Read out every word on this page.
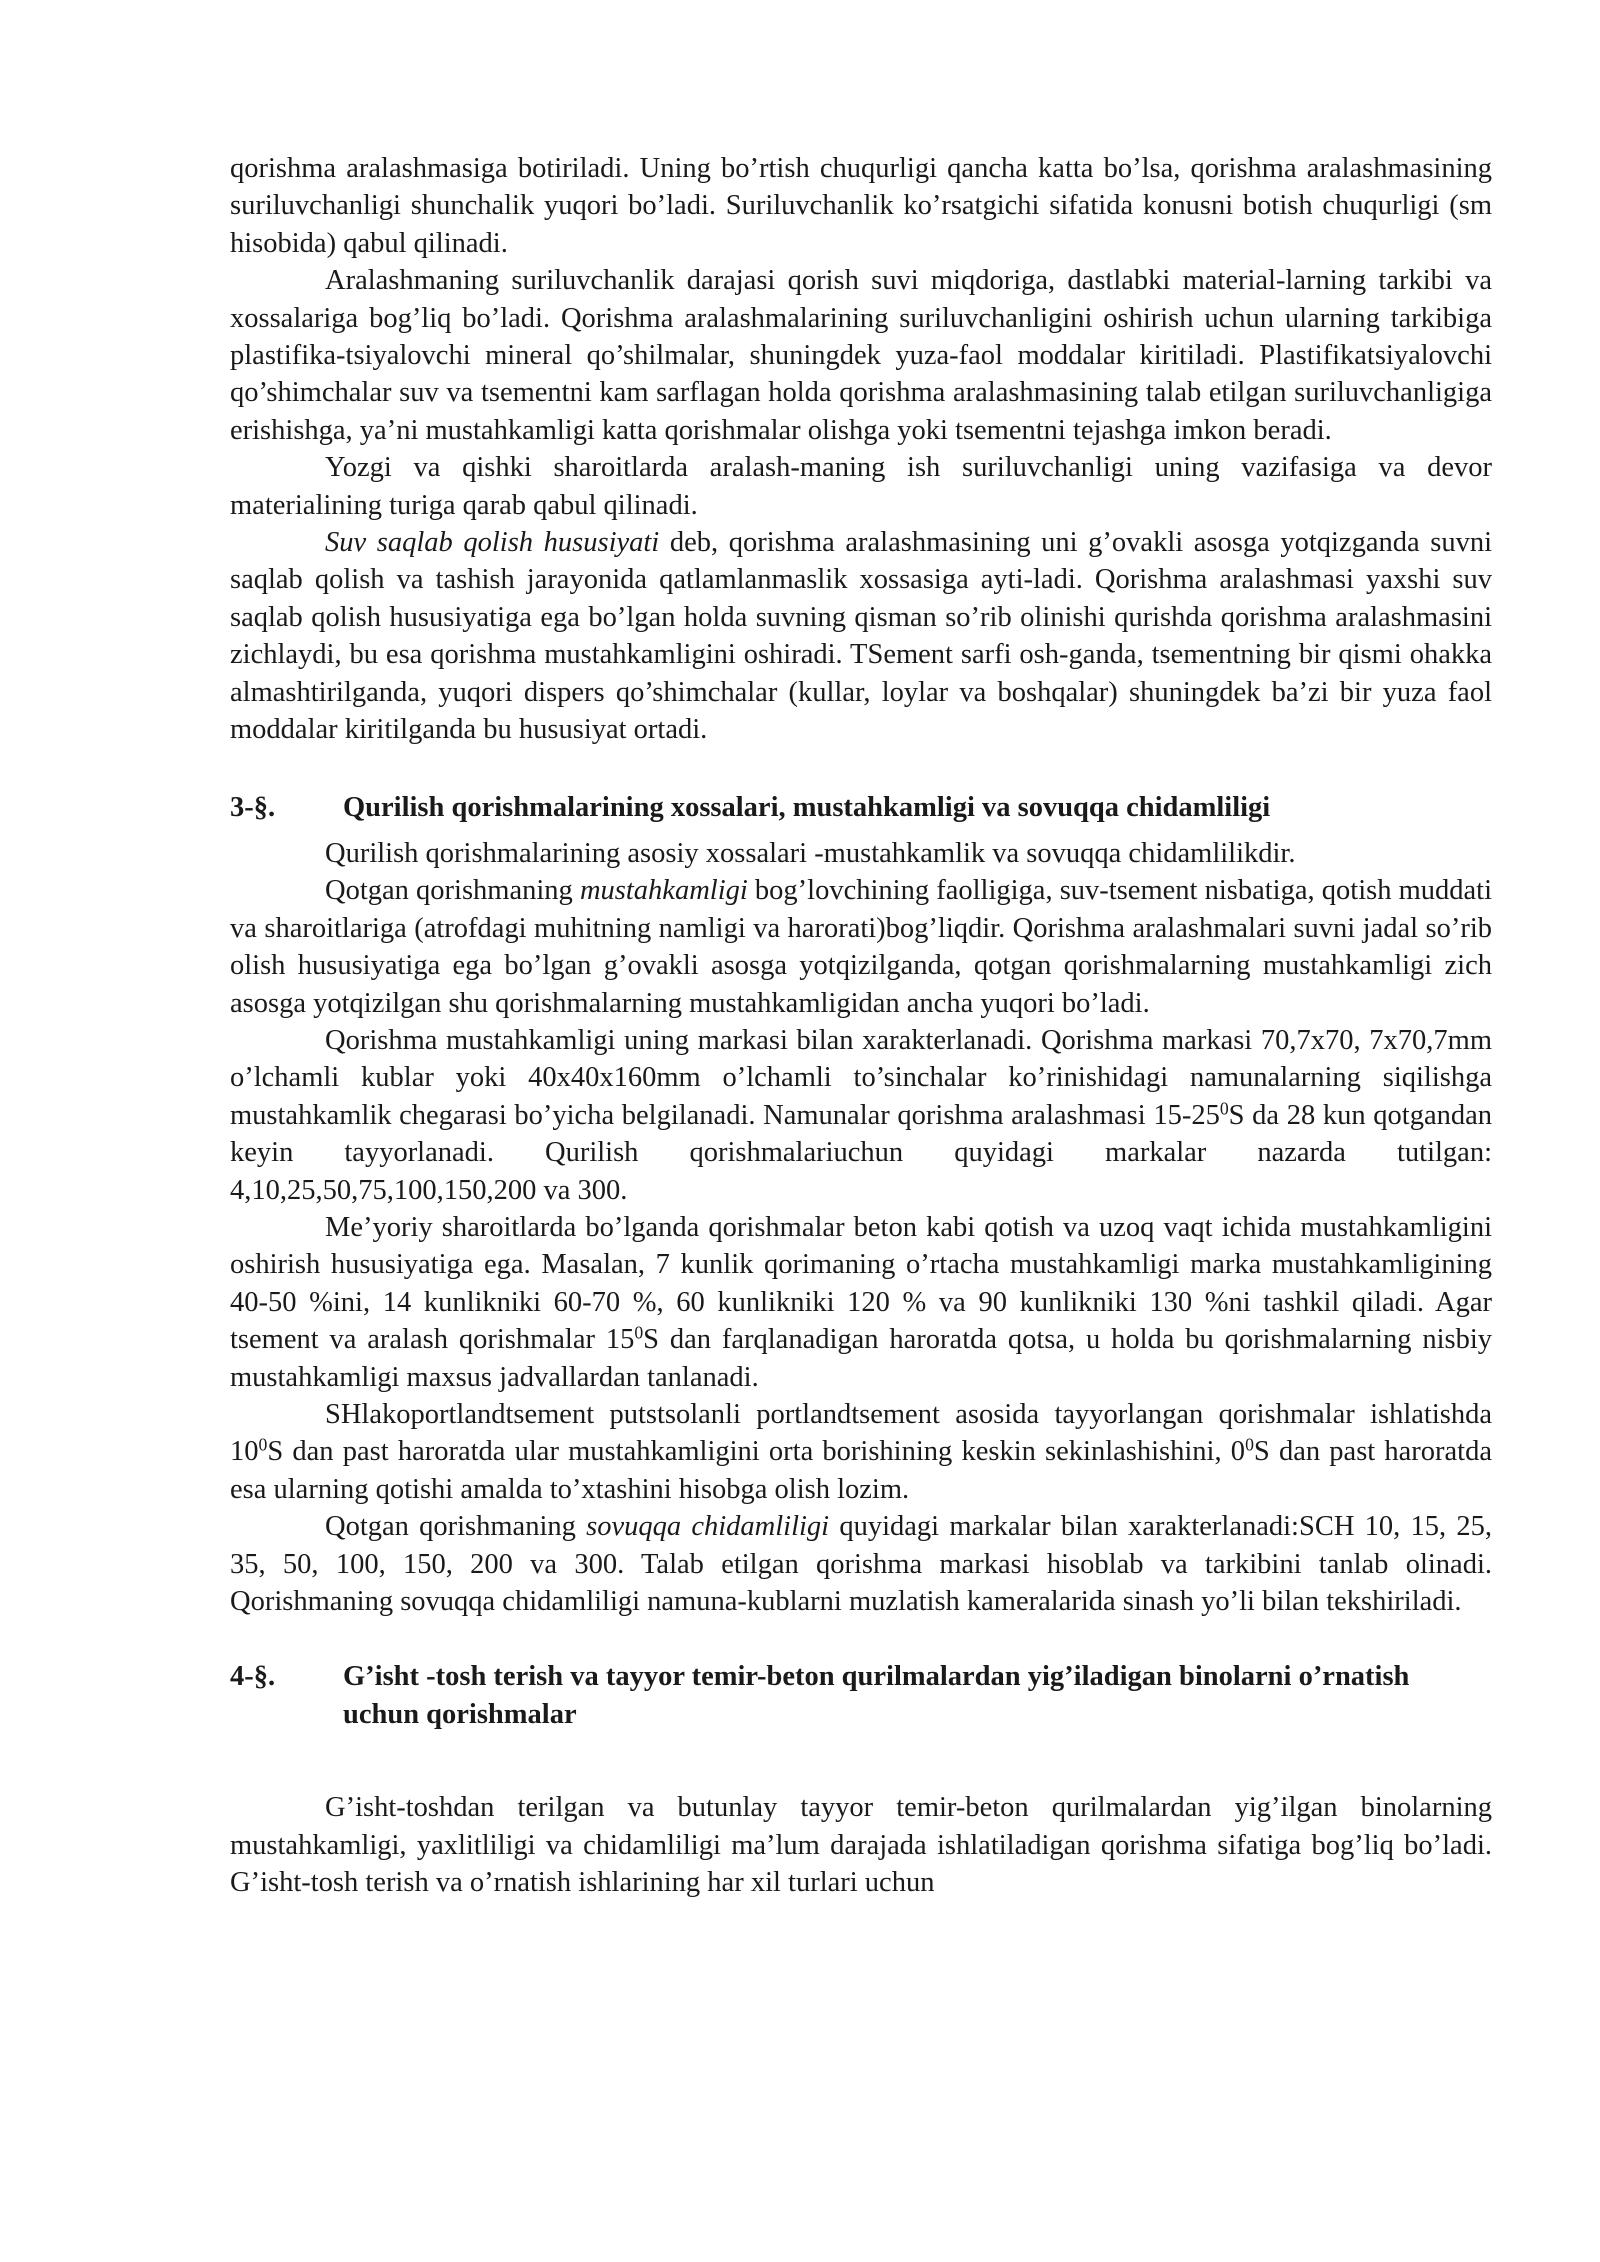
qorishma aralashmasiga botiriladi. Uning bo’rtish chuqurligi qancha katta bo’lsa, qorishma aralashmasining suriluvchanligi shunchalik yuqori bo’ladi. Suriluvchanlik ko’rsatgichi sifatida konusni botish chuqurligi (sm hisobida) qabul qilinadi.

Aralashmaning suriluvchanlik darajasi qorish suvi miqdoriga, dastlabki material-larning tarkibi va xossalariga bog’liq bo’ladi. Qorishma aralashmalarining suriluvchanligini oshirish uchun ularning tarkibiga plastifika-tsiyalovchi mineral qo’shilmalar, shuningdek yuza-faol moddalar kiritiladi. Plastifikatsiyalovchi qo’shimchalar suv va tsementni kam sarflagan holda qorishma aralashmasining talab etilgan suriluvchanligiga erishishga, ya’ni mustahkamligi katta qorishmalar olishga yoki tsementni tejashga imkon beradi.

Yozgi va qishki sharoitlarda aralash-maning ish suriluvchanligi uning vazifasiga va devor materialining turiga qarab qabul qilinadi.

Suv saqlab qolish hususiyati deb, qorishma aralashmasining uni g’ovakli asosga yotqizganda suvni saqlab qolish va tashish jarayonida qatlamlanmaslik xossasiga ayti-ladi. Qorishma aralashmasi yaxshi suv saqlab qolish hususiyatiga ega bo’lgan holda suvning qisman so’rib olinishi qurishda qorishma aralashmasini zichlaydi, bu esa qorishma mustahkamligini oshiradi. TSement sarfi osh-ganda, tsementning bir qismi ohakka almashtirilganda, yuqori dispers qo’shimchalar (kullar, loylar va boshqalar) shuningdek ba’zi bir yuza faol moddalar kiritilganda bu hususiyat ortadi.

3-§.	Qurilish qorishmalarining xossalari, mustahkamligi va sovuqqa chidamliligi

Qurilish qorishmalarining asosiy xossalari -mustahkamlik va sovuqqa chidamlilikdir.

Qotgan qorishmaning mustahkamligi bog’lovchining faolligiga, suv-tsement nisbatiga, qotish muddati va sharoitlariga (atrofdagi muhitning namligi va harorati)bog’liqdir. Qorishma aralashmalari suvni jadal so’rib olish hususiyatiga ega bo’lgan g’ovakli asosga yotqizilganda, qotgan qorishmalarning mustahkamligi zich asosga yotqizilgan shu qorishmalarning mustahkamligidan ancha yuqori bo’ladi.

Qorishma mustahkamligi uning markasi bilan xarakterlanadi. Qorishma markasi 70,7x70, 7x70,7mm o’lchamli kublar yoki 40x40x160mm o’lchamli to’sinchalar ko’rinishidagi namunalarning siqilishga mustahkamlik chegarasi bo’yicha belgilanadi. Namunalar qorishma aralashmasi $15-25^0S$ da 28 kun qotgandan keyin tayyorlanadi. Qurilish qorishmalariuchun quyidagi markalar nazarda tutilgan: 4,10,25,50,75,100,150,200 va 300.

Me’yoriy sharoitlarda bo’lganda qorishmalar beton kabi qotish va uzoq vaqt ichida mustahkamligini oshirish hususiyatiga ega. Masalan, 7 kunlik qorimaning o’rtacha mustahkamligi marka mustahkamligining 40-50 %ini, 14 kunlikniki 60-70 %, 60 kunlikniki 120 % va 90 kunlikniki 130 %ni tashkil qiladi. Agar tsement va aralash qorishmalar $15^0S$ dan farqlanadigan haroratda qotsa, u holda bu qorishmalarning nisbiy mustahkamligi maxsus jadvallardan tanlanadi.

SHlakoportlandtsement putstsolanli portlandtsement asosida tayyorlangan qorishmalar ishlatishda $10^0S$ dan past haroratda ular mustahkamligini orta borishining keskin sekinlashishini, $0^0S$ dan past haroratda esa ularning qotishi amalda to’xtashini hisobga olish lozim.

Qotgan qorishmaning sovuqqa chidamliligi quyidagi markalar bilan xarakterlanadi:SCH 10, 15, 25, 35, 50, 100, 150, 200 va 300. Talab etilgan qorishma markasi hisoblab va tarkibini tanlab olinadi. Qorishmaning sovuqqa chidamliligi namuna-kublarni muzlatish kameralarida sinash yo’li bilan tekshiriladi.

4-§.	G’isht -tosh terish va tayyor temir-beton qurilmalardan yig’iladigan binolarni o’rnatish uchun qorishmalar

G’isht-toshdan terilgan va butunlay tayyor temir-beton qurilmalardan yig’ilgan binolarning mustahkamligi, yaxlitliligi va chidamliligi ma’lum darajada ishlatiladigan qorishma sifatiga bog’liq bo’ladi. G’isht-tosh terish va o’rnatish ishlarining har xil turlari uchun
